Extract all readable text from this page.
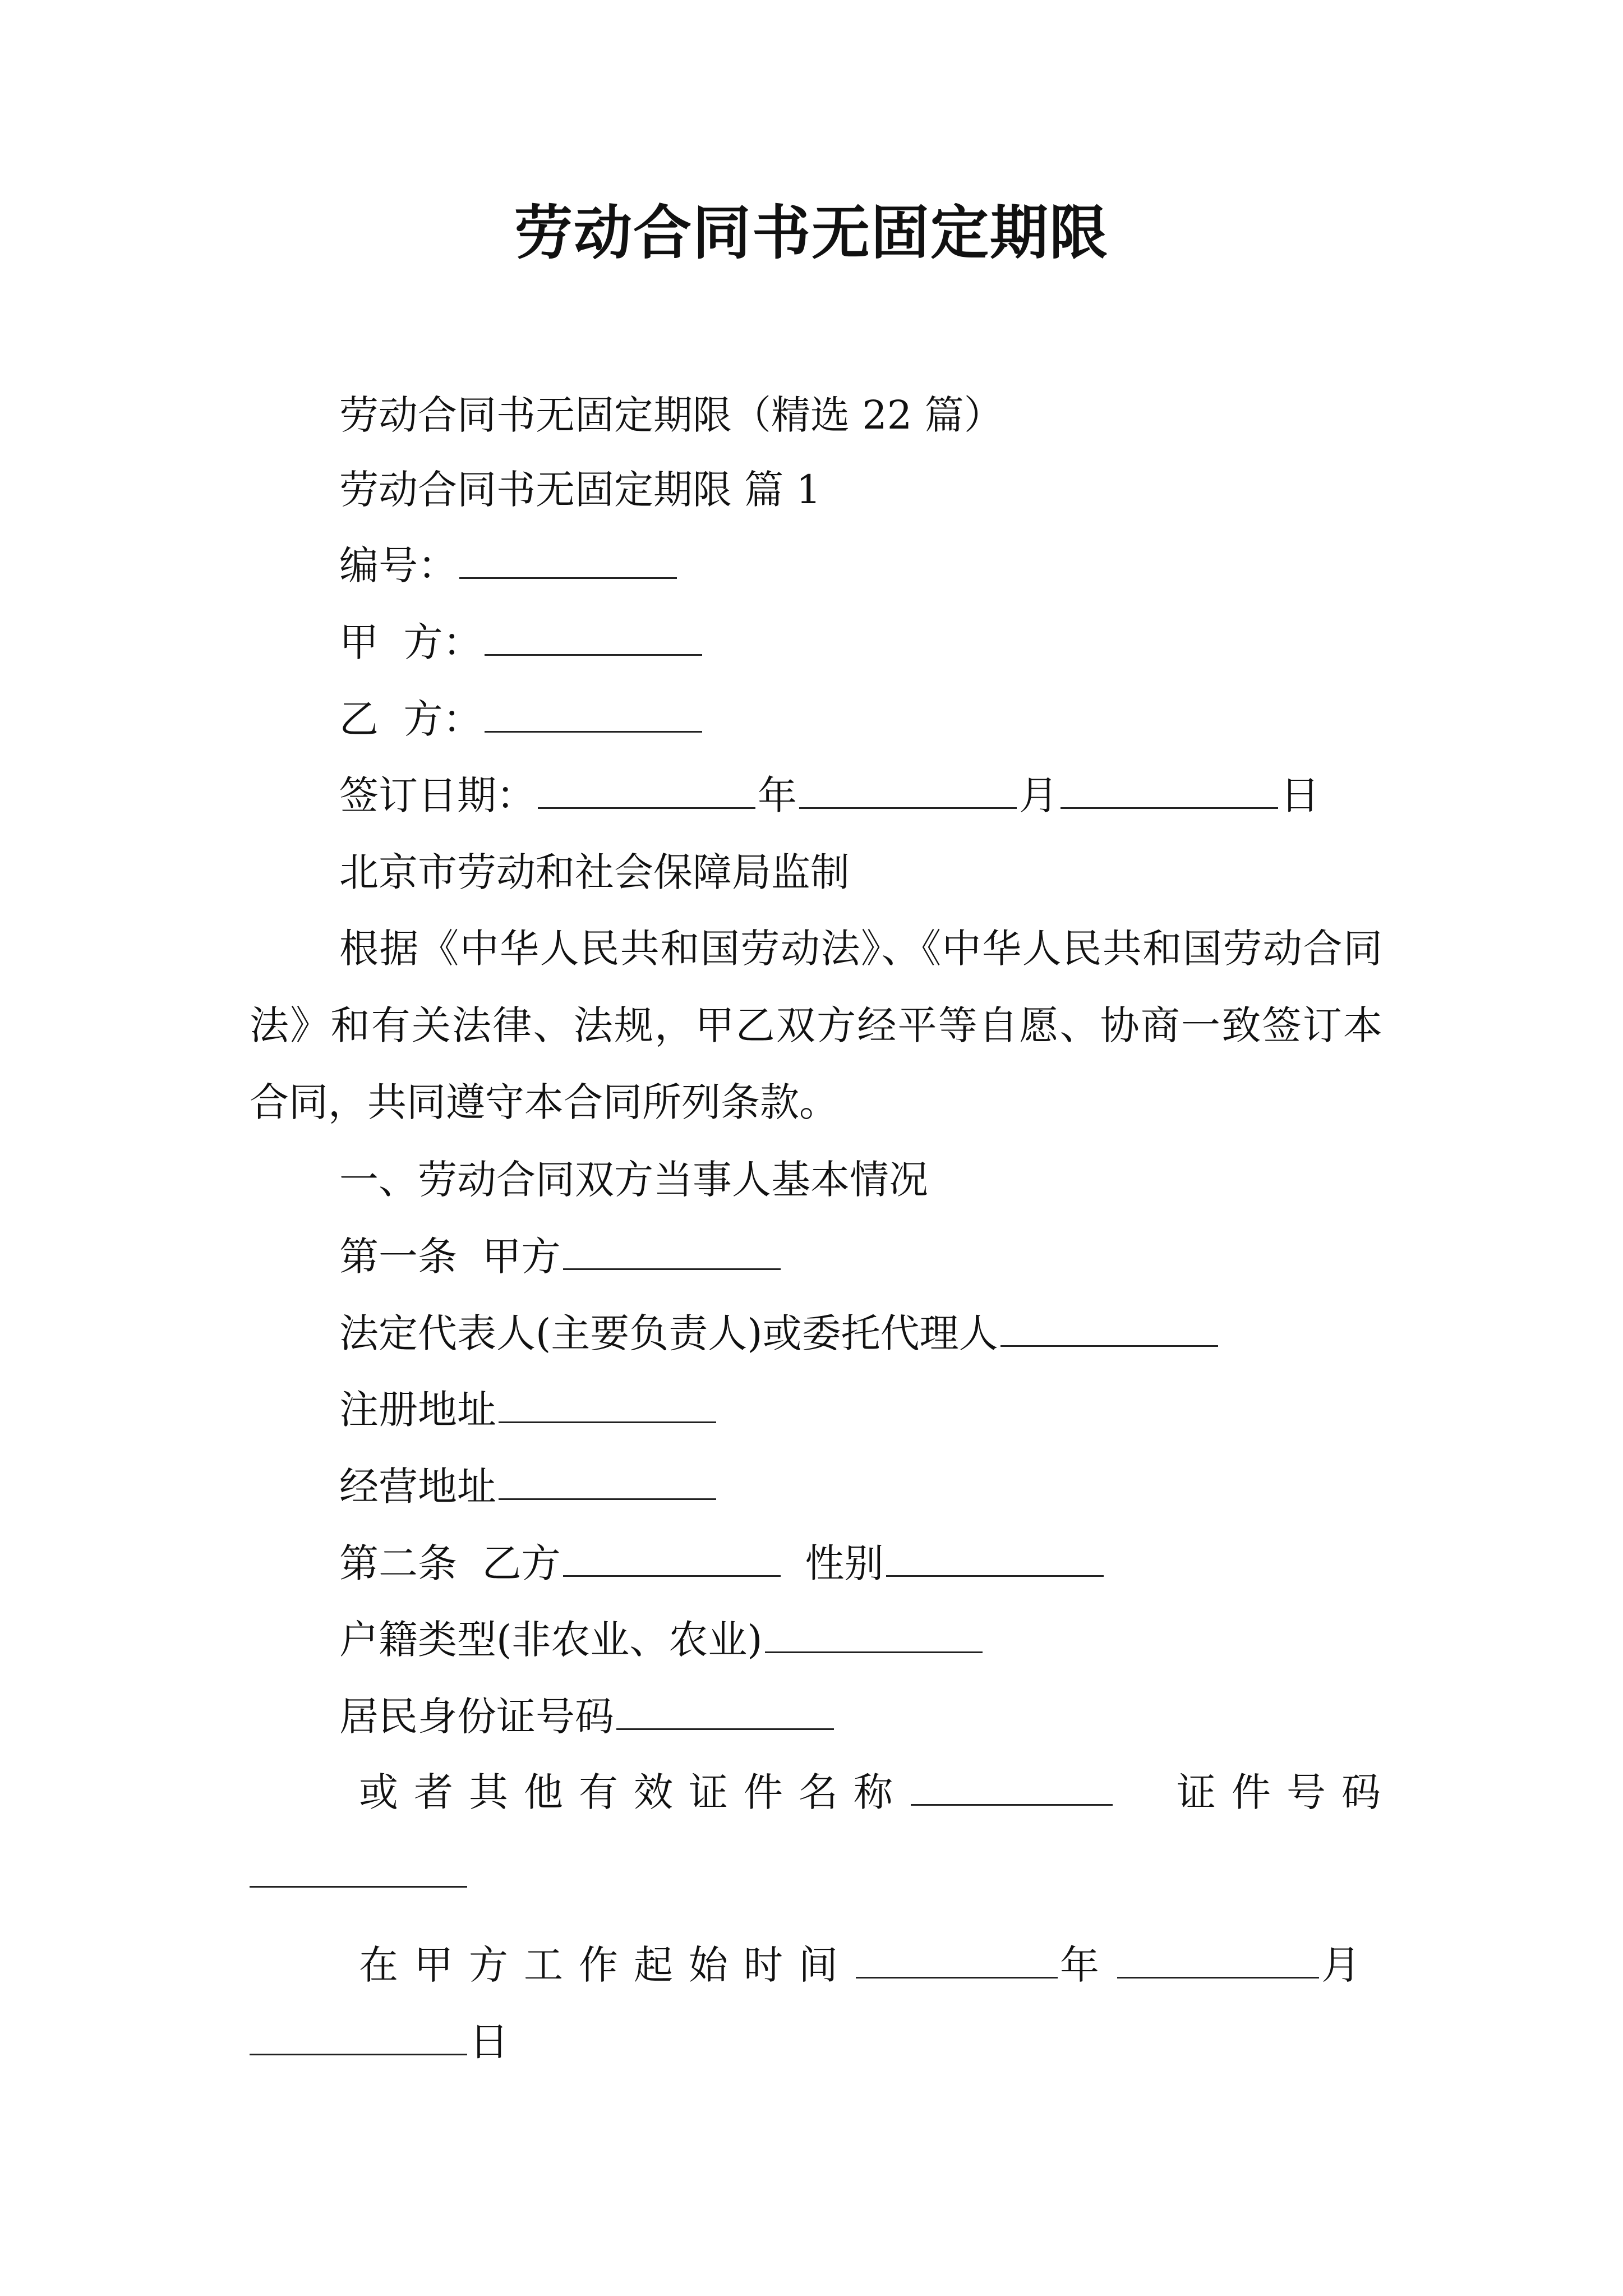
劳动合同书无固定期限
劳动合同书无固定期限（精选 22 篇）
劳动合同书无固定期限 篇 1
编号：
甲  方：
乙  方：
签订日期：	年	月	日
北京市劳动和社会保障局监制
根据《中华人民共和国劳动法》、《中华人民共和国劳动合同法》和有关法律、法规，甲乙双方经平等自愿、协商一致签订本合同，共同遵守本合同所列条款。
一、劳动合同双方当事人基本情况
第一条  甲方
法定代表人(主要负责人)或委托代理人
注册地址
经营地址
第二条  乙方	性别
户籍类型(非农业、农业)
居民身份证号码
或者其他有效证件名称	证件号码
在甲方工作起始时间	年	月
日
